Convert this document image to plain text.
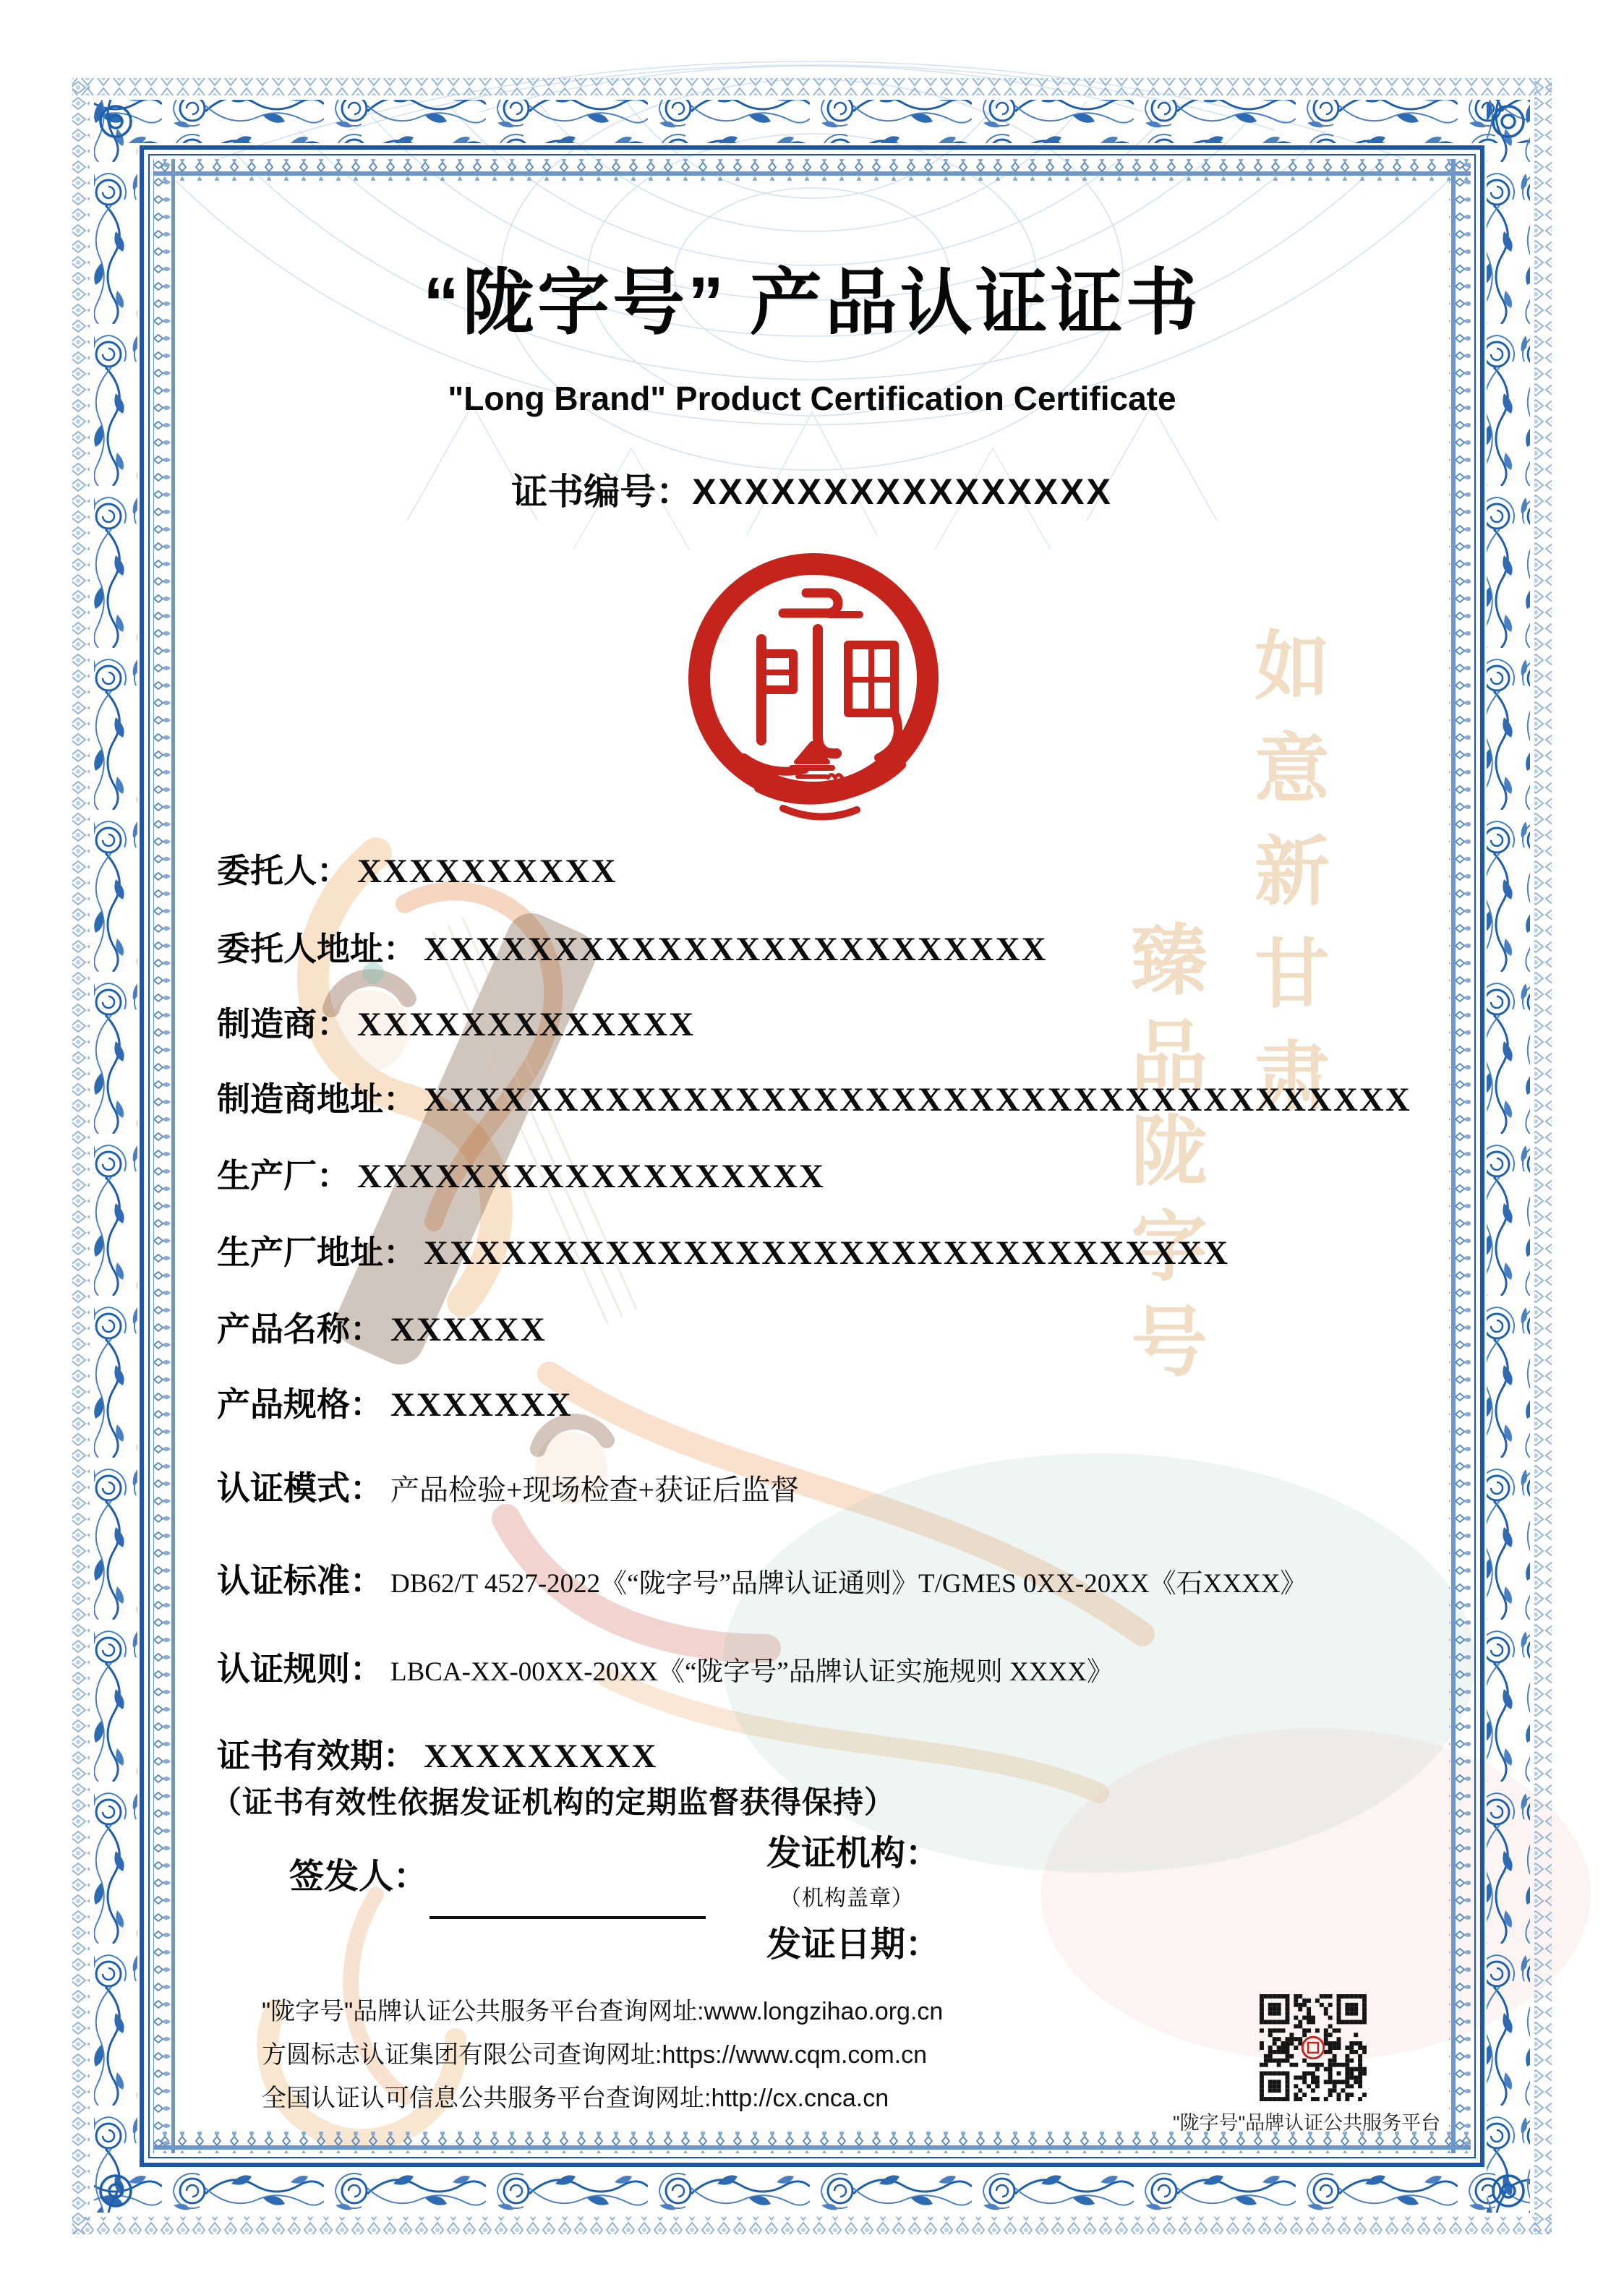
如意新甘肃
臻品陇字号
“陇字号” 产品认证证书
"Long Brand" Product Certification Certificate
证书编号：XXXXXXXXXXXXXXXX
委托人： XXXXXXXXXX
委托人地址： XXXXXXXXXXXXXXXXXXXXXXXX
制造商： XXXXXXXXXXXXX
制造商地址： XXXXXXXXXXXXXXXXXXXXXXXXXXXXXXXXXXXXXX
生产厂： XXXXXXXXXXXXXXXXXX
生产厂地址： XXXXXXXXXXXXXXXXXXXXXXXXXXXXXXX
产品名称： XXXXXX
产品规格： XXXXXXX
认证模式： 产品检验+现场检查+获证后监督
认证标准： DB62/T 4527-2022《“陇字号”品牌认证通则》T/GMES 0XX-20XX《石XXXX》
认证规则： LBCA-XX-00XX-20XX《“陇字号”品牌认证实施规则 XXXX》
证书有效期： XXXXXXXXX
（证书有效性依据发证机构的定期监督获得保持）
签发人：
发证机构：
（机构盖章）
发证日期：
"陇字号"品牌认证公共服务平台查询网址:www.longzihao.org.cn
方圆标志认证集团有限公司查询网址:https://www.cqm.com.cn
全国认证认可信息公共服务平台查询网址:http://cx.cnca.cn
"陇字号"品牌认证公共服务平台
